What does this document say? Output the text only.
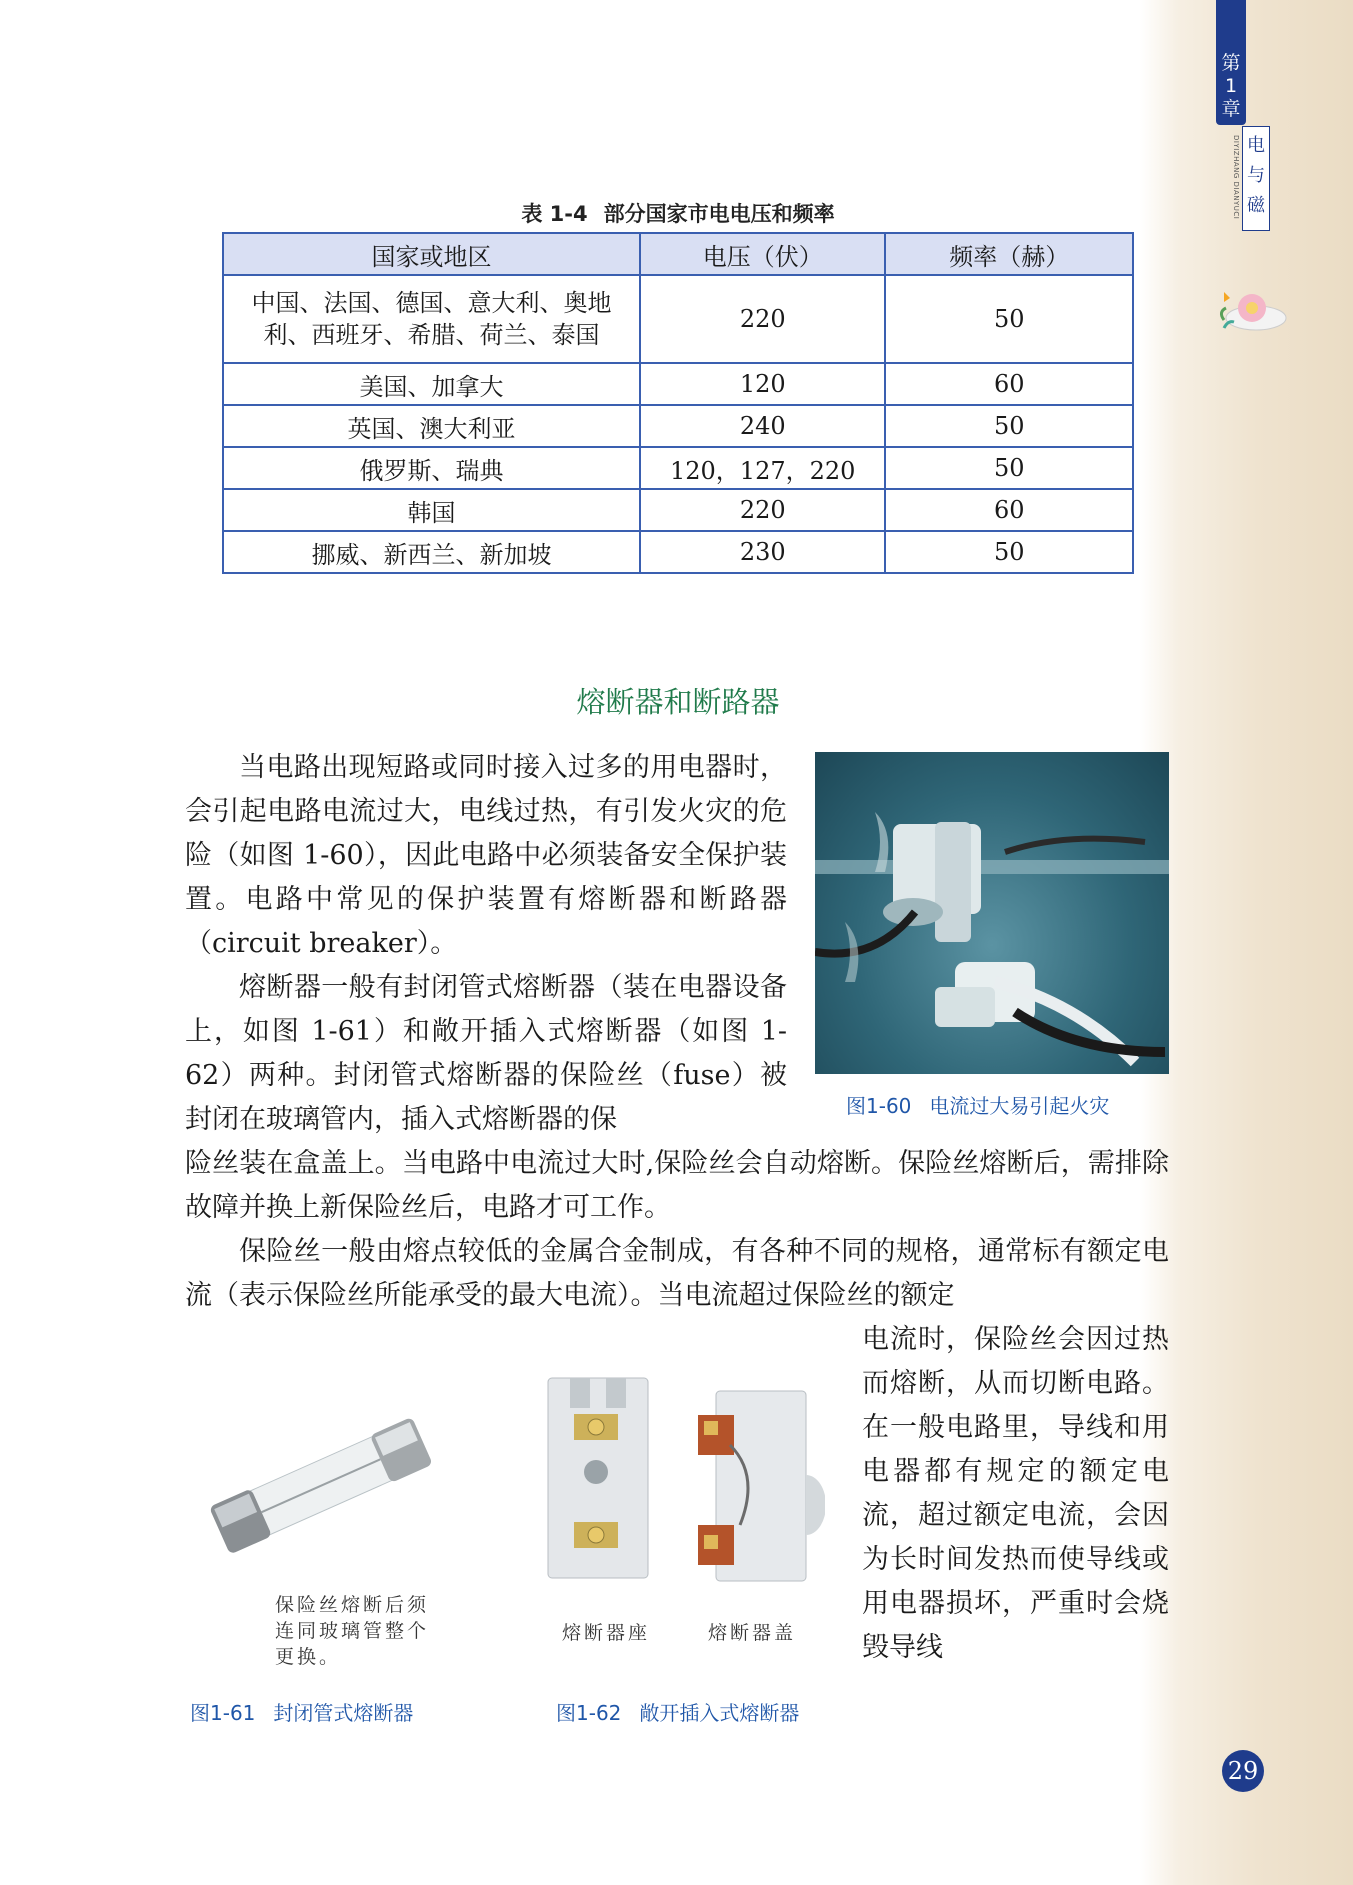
第
1
章
DIYIZHANG DIANYUCI 电
与
磁
表 1-4 部分国家市电电压和频率
国家或地区	电压（伏）	频率（赫）

中国、法国、德国、意大利、奥地
利、西班牙、希腊、荷兰、泰国	220	50
美国、加拿大	120	60
英国、澳大利亚	240	50
俄罗斯、瑞典	120，127，220	50
韩国	220	60
挪威、新西兰、新加坡	230	50
熔断器和断路器

当电路出现短路或同时接入过多的用电器时，会引起电路电流过大，电线过热，有引发火灾的危险（如图 1-60），因此电路中必须装备安全保护装置。电路中常见的保护装置有熔断器和断路器（circuit breaker）。

熔断器一般有封闭管式熔断器（装在电器设备上，如图 1-61）和敞开插入式熔断器（如图 1-62）两种。封闭管式熔断器的保险丝（fuse）被封闭在玻璃管内，插入式熔断器的保

险丝装在盒盖上。当电路中电流过大时,保险丝会自动熔断。保险丝熔断后，需排除故障并换上新保险丝后，电路才可工作。

保险丝一般由熔点较低的金属合金制成，有各种不同的规格，通常标有额定电流（表示保险丝所能承受的最大电流）。当电流超过保险丝的额定

电流时，保险丝会因过热而熔断，从而切断电路。在一般电路里，导线和用电器都有规定的额定电流，超过额定电流，会因为长时间发热而使导线或用电器损坏，严重时会烧毁导线

图1-60 电流过大易引起火灾
保险丝熔断后须
连同玻璃管整个
更换。
图1-61 封闭管式熔断器
熔断器座	熔断器盖
图1-62 敞开插入式熔断器
29
